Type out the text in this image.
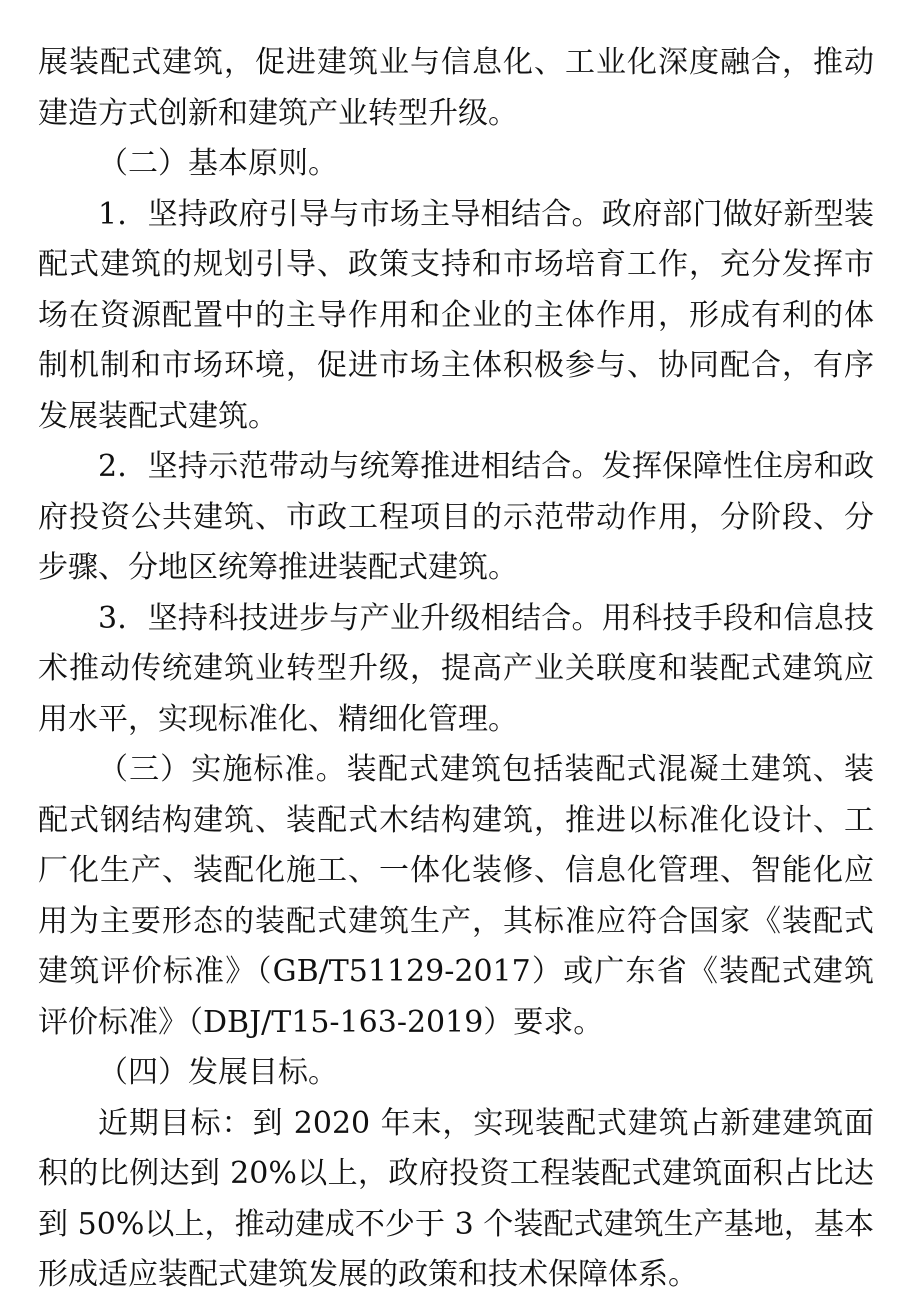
展装配式建筑，促进建筑业与信息化、工业化深度融合，推动建造方式创新和建筑产业转型升级。

（二）基本原则。

1．坚持政府引导与市场主导相结合。政府部门做好新型装配式建筑的规划引导、政策支持和市场培育工作，充分发挥市场在资源配置中的主导作用和企业的主体作用，形成有利的体制机制和市场环境，促进市场主体积极参与、协同配合，有序发展装配式建筑。

2．坚持示范带动与统筹推进相结合。发挥保障性住房和政府投资公共建筑、市政工程项目的示范带动作用，分阶段、分步骤、分地区统筹推进装配式建筑。

3．坚持科技进步与产业升级相结合。用科技手段和信息技术推动传统建筑业转型升级，提高产业关联度和装配式建筑应用水平，实现标准化、精细化管理。

（三）实施标准。装配式建筑包括装配式混凝土建筑、装配式钢结构建筑、装配式木结构建筑，推进以标准化设计、工厂化生产、装配化施工、一体化装修、信息化管理、智能化应用为主要形态的装配式建筑生产，其标准应符合国家《装配式建筑评价标准》（GB/T51129-2017）或广东省《装配式建筑评价标准》（DBJ/T15-163-2019）要求。

（四）发展目标。

近期目标：到 2020 年末，实现装配式建筑占新建建筑面积的比例达到 20%以上，政府投资工程装配式建筑面积占比达到 50%以上，推动建成不少于 3 个装配式建筑生产基地，基本形成适应装配式建筑发展的政策和技术保障体系。
